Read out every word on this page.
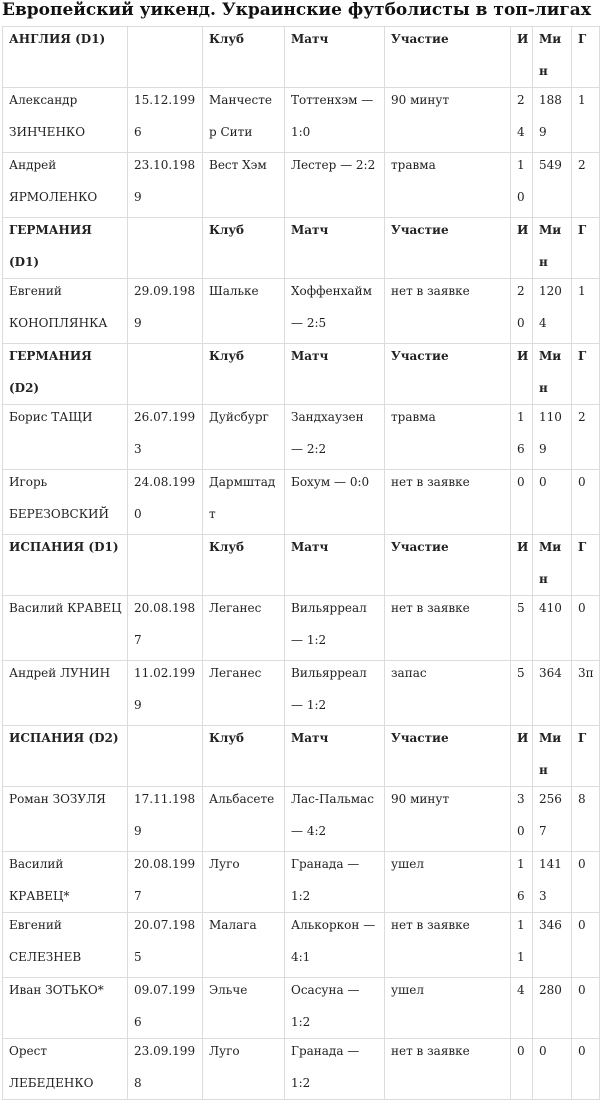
Европейский уикенд. Украинские футболисты в топ-лигах
АНГЛИЯ (D1)		Клуб	Матч	Участие	И	Мин	Г

Александр ЗИНЧЕНКО	15.12.1996	Манчестер Сити	Тоттенхэм — 1:0	90 минут	24	1889	1

Андрей ЯРМОЛЕНКО	23.10.1989	Вест Хэм	Лестер — 2:2	травма	10	549	2

ГЕРМАНИЯ (D1)		Клуб	Матч	Участие	И	Мин	Г

Евгений КОНОПЛЯНКА	29.09.1989	Шальке	Хоффенхайм — 2:5	нет в заявке	20	1204	1

ГЕРМАНИЯ (D2)		Клуб	Матч	Участие	И	Мин	Г

Борис ТАЩИ	26.07.1993	Дуйсбург	Зандхаузен — 2:2	травма	16	1109	2

Игорь БЕРЕЗОВСКИЙ	24.08.1990	Дармштадт	Бохум — 0:0	нет в заявке	0	0	0

ИСПАНИЯ (D1)		Клуб	Матч	Участие	И	Мин	Г

Василий КРАВЕЦ	20.08.1987	Леганес	Вильярреал — 1:2	нет в заявке	5	410	0

Андрей ЛУНИН	11.02.1999	Леганес	Вильярреал — 1:2	запас	5	364	3п

ИСПАНИЯ (D2)		Клуб	Матч	Участие	И	Мин	Г

Роман ЗОЗУЛЯ	17.11.1989	Альбасете	Лас-Пальмас — 4:2	90 минут	30	2567	8

Василий КРАВЕЦ*	20.08.1997	Луго	Гранада — 1:2	ушел	16	1413	0

Евгений СЕЛЕЗНЕВ	20.07.1985	Малага	Алькоркон — 4:1	нет в заявке	11	346	0

Иван ЗОТЬКО*	09.07.1996	Эльче	Осасуна — 1:2	ушел	4	280	0

Орест ЛЕБЕДЕНКО	23.09.1998	Луго	Гранада — 1:2	нет в заявке	0	0	0
